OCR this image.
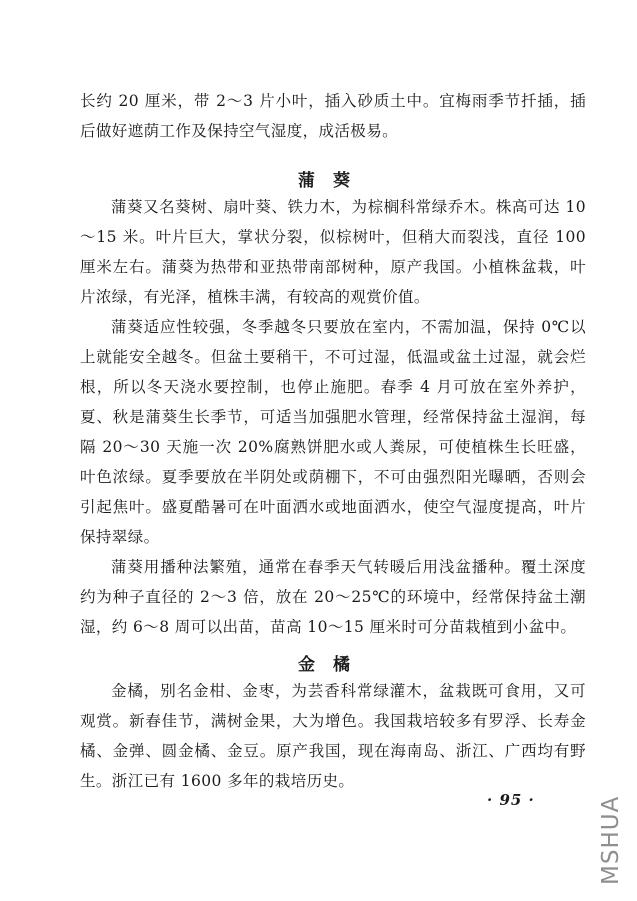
长约 20 厘米，带 2～3 片小叶，插入砂质土中。宜梅雨季节扦插，插后做好遮荫工作及保持空气湿度，成活极易。

蒲葵

蒲葵又名葵树、扇叶葵、铁力木，为棕榈科常绿乔木。株高可达 10～15 米。叶片巨大，掌状分裂，似棕树叶，但稍大而裂浅，直径 100 厘米左右。蒲葵为热带和亚热带南部树种，原产我国。小植株盆栽，叶片浓绿，有光泽，植株丰满，有较高的观赏价值。

蒲葵适应性较强，冬季越冬只要放在室内，不需加温，保持 0℃以上就能安全越冬。但盆土要稍干，不可过湿，低温或盆土过湿，就会烂根，所以冬天浇水要控制，也停止施肥。春季 4 月可放在室外养护，夏、秋是蒲葵生长季节，可适当加强肥水管理，经常保持盆土湿润，每隔 20～30 天施一次 20%腐熟饼肥水或人粪尿，可使植株生长旺盛，叶色浓绿。夏季要放在半阴处或荫棚下，不可由强烈阳光曝晒，否则会引起焦叶。盛夏酷暑可在叶面洒水或地面洒水，使空气湿度提高，叶片保持翠绿。

蒲葵用播种法繁殖，通常在春季天气转暖后用浅盆播种。覆土深度约为种子直径的 2～3 倍，放在 20～25℃的环境中，经常保持盆土潮湿，约 6～8 周可以出苗，苗高 10～15 厘米时可分苗栽植到小盆中。

金橘

金橘，别名金柑、金枣，为芸香科常绿灌木，盆栽既可食用，又可观赏。新春佳节，满树金果，大为增色。我国栽培较多有罗浮、长寿金橘、金弹、圆金橘、金豆。原产我国，现在海南岛、浙江、广西均有野生。浙江已有 1600 多年的栽培历史。

· 95 ·	MSHUA
